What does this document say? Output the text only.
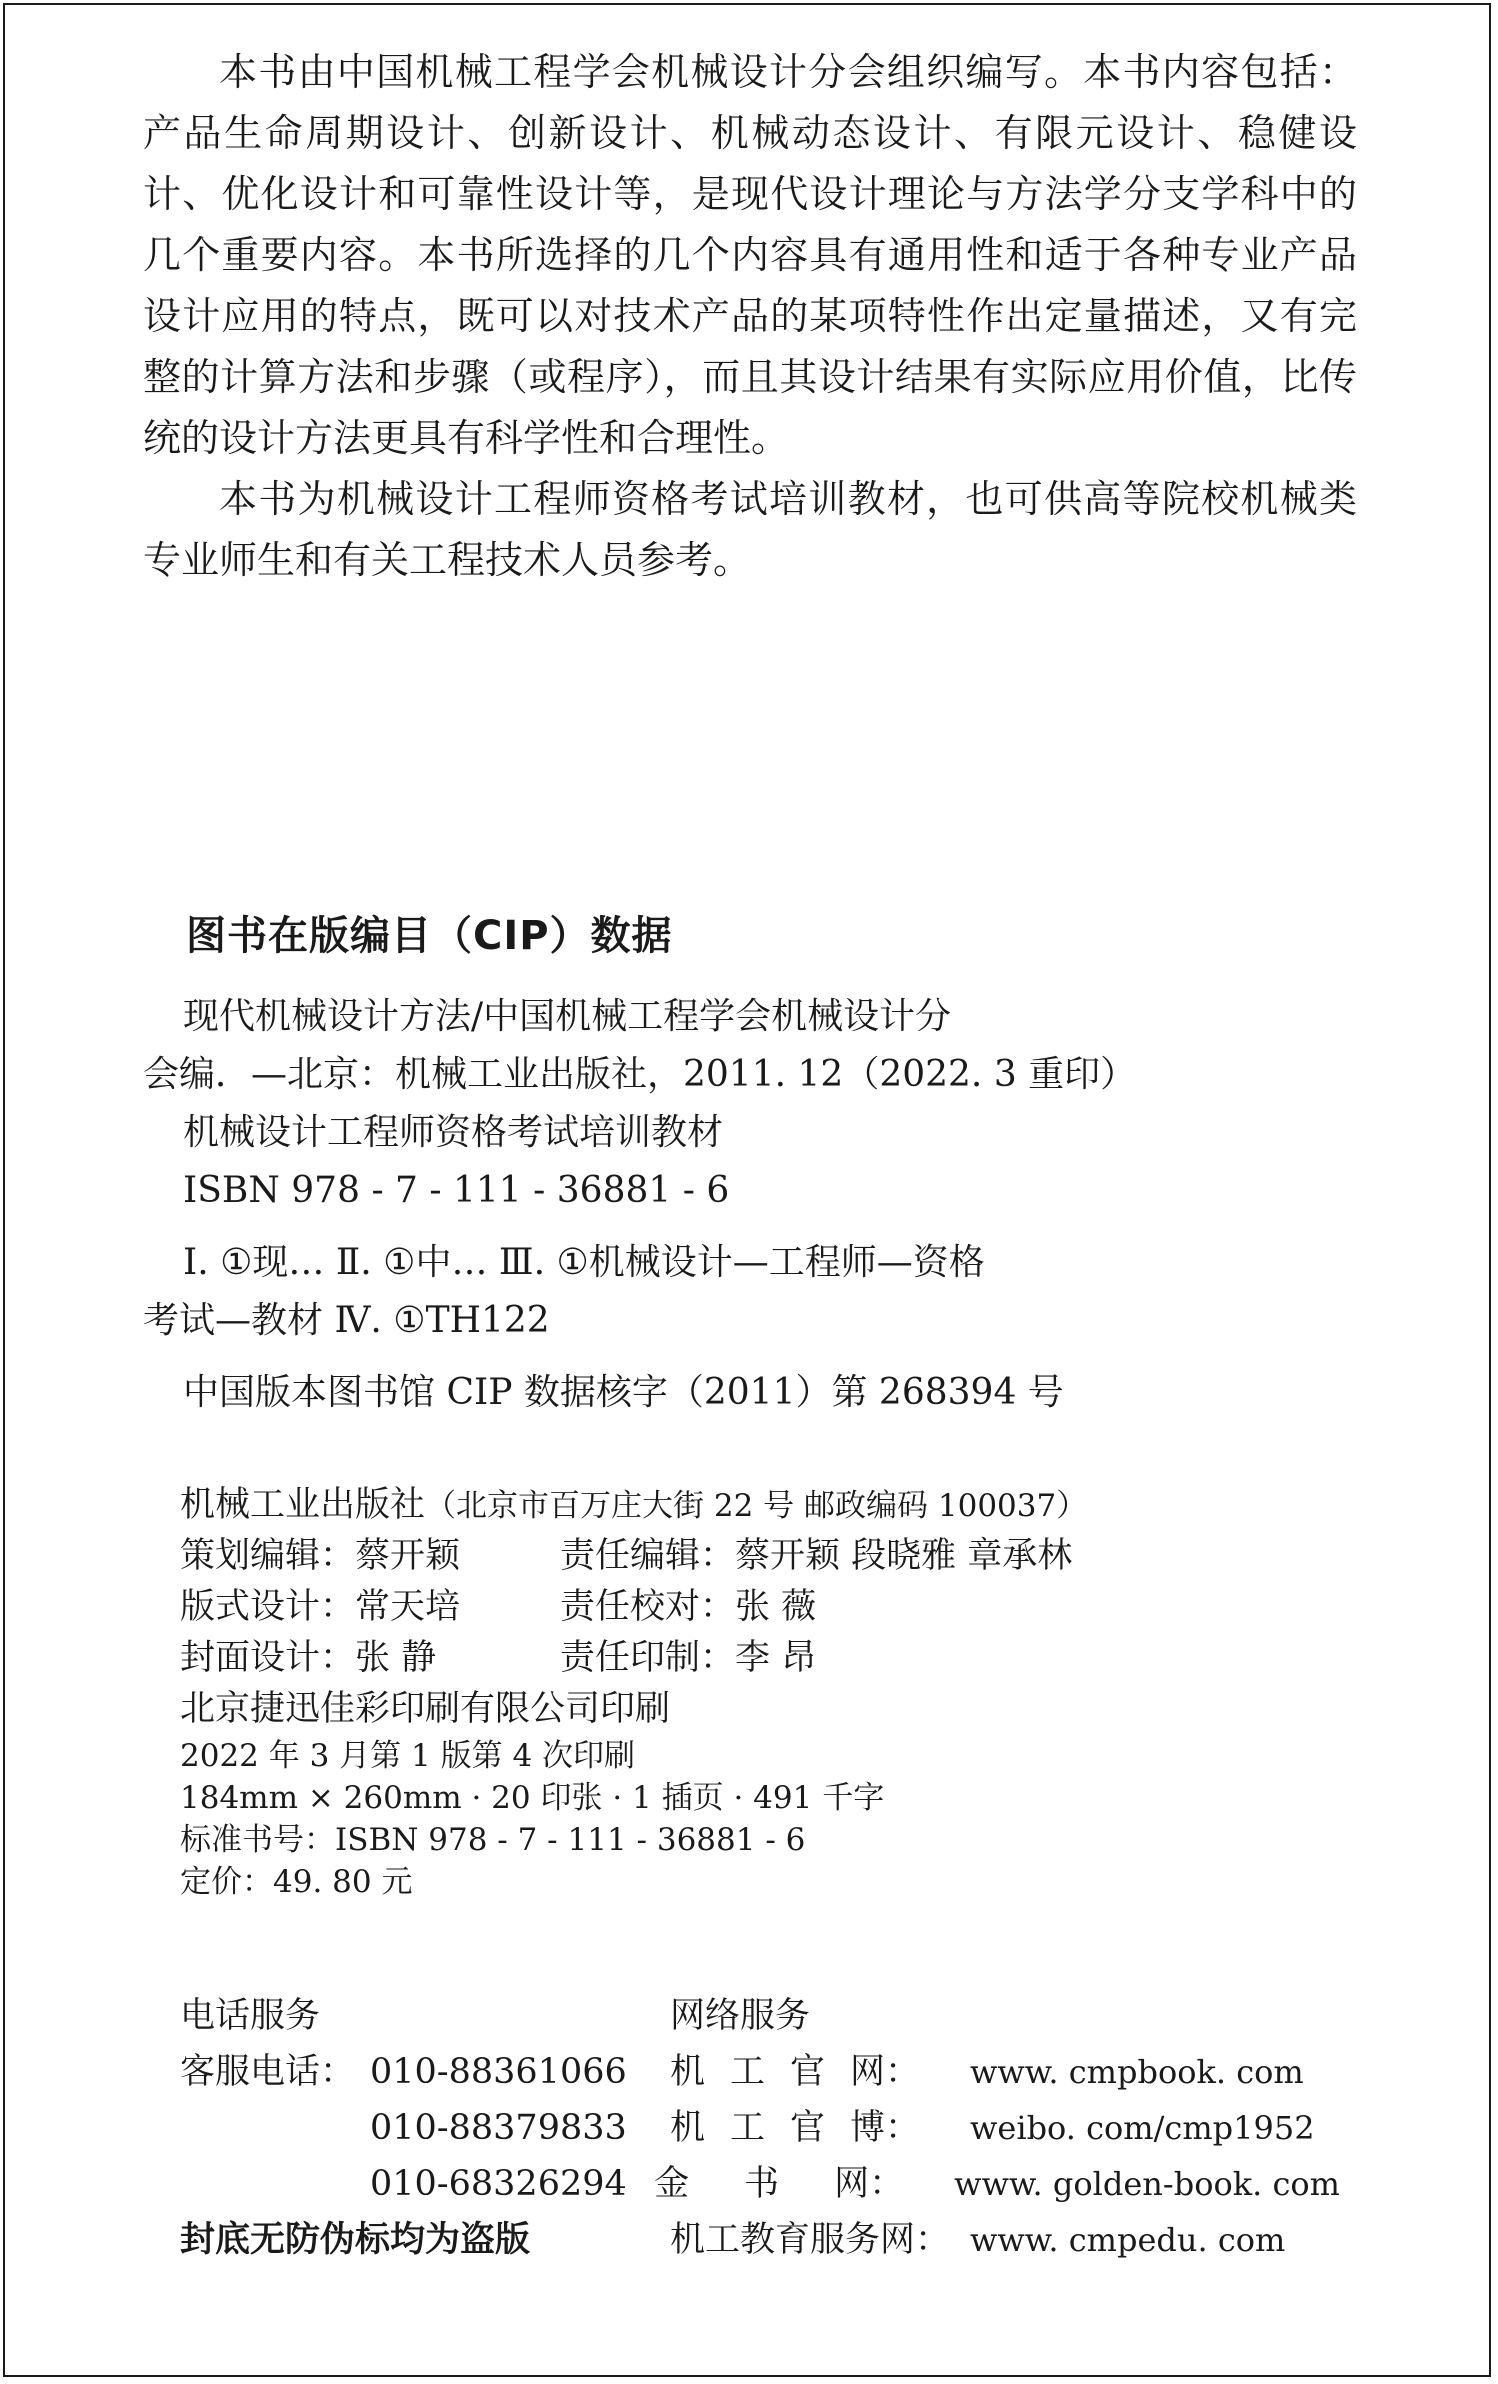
本书由中国机械工程学会机械设计分会组织编写。本书内容包括：产品生命周期设计、创新设计、机械动态设计、有限元设计、稳健设计、优化设计和可靠性设计等，是现代设计理论与方法学分支学科中的几个重要内容。本书所选择的几个内容具有通用性和适于各种专业产品设计应用的特点，既可以对技术产品的某项特性作出定量描述，又有完整的计算方法和步骤（或程序），而且其设计结果有实际应用价值，比传统的设计方法更具有科学性和合理性。

本书为机械设计工程师资格考试培训教材，也可供高等院校机械类专业师生和有关工程技术人员参考。

图书在版编目（CIP）数据
现代机械设计方法/中国机械工程学会机械设计分
会编．—北京：机械工业出版社，2011. 12（2022. 3 重印）
机械设计工程师资格考试培训教材
ISBN 978 - 7 - 111 - 36881 - 6
Ⅰ. ①现… Ⅱ. ①中… Ⅲ. ①机械设计—工程师—资格
考试—教材 Ⅳ. ①TH122
中国版本图书馆 CIP 数据核字（2011）第 268394 号
机械工业出版社（北京市百万庄大街 22 号 邮政编码 100037）
策划编辑：蔡开颖	责任编辑：蔡开颖 段晓雅 章承林
版式设计：常天培	责任校对：张 薇
封面设计：张 静	责任印制：李 昂
北京捷迅佳彩印刷有限公司印刷
2022 年 3 月第 1 版第 4 次印刷
184mm × 260mm · 20 印张 · 1 插页 · 491 千字
标准书号：ISBN 978 - 7 - 111 - 36881 - 6
定价：49. 80 元
电话服务	网络服务
客服电话： 010-88361066 机 工 官 网： www. cmpbook. com
010-88379833 机 工 官 博： weibo. com/cmp1952
010-68326294 金 书 网： www. golden-book. com
封底无防伪标均为盗版	机工教育服务网： www. cmpedu. com
